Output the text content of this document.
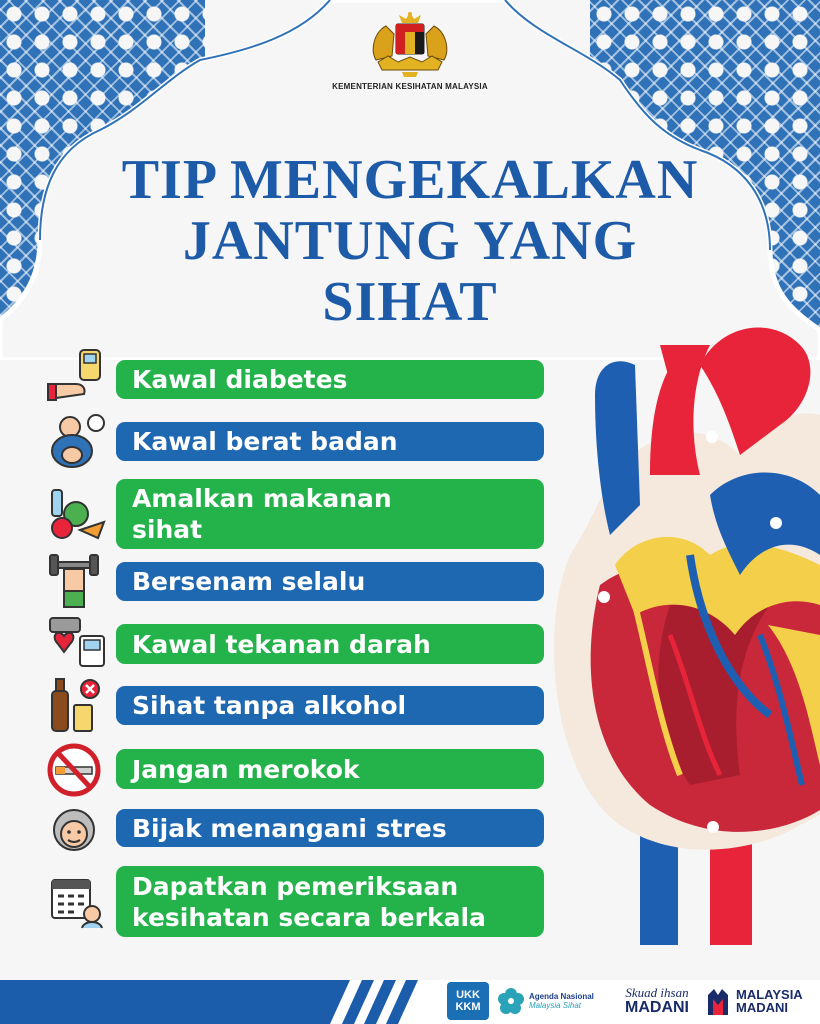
KEMENTERIAN KESIHATAN MALAYSIA
TIP MENGEKALKAN
JANTUNG YANG
SIHAT
Kawal diabetes
Kawal berat badan
Amalkan makanan
sihat
Bersenam selalu
Kawal tekanan darah
Sihat tanpa alkohol
Jangan merokok
Bijak menangani stres
Dapatkan pemeriksaan
kesihatan secara berkala
UKK
KKM
Agenda Nasional
Malaysia Sihat
Skuad ihsan
MADANI
MALAYSIA
MADANI
